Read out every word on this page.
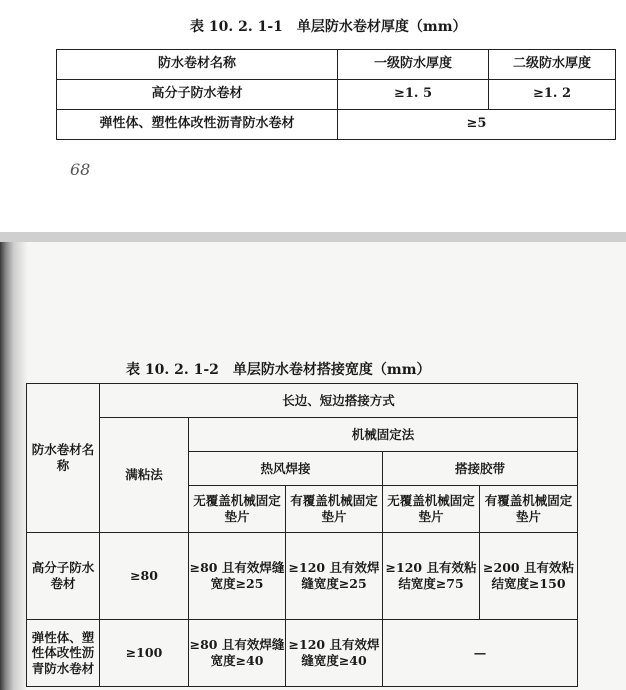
表 10. 2. 1-1　单层防水卷材厚度（mm）
防水卷材名称	一级防水厚度	二级防水厚度
高分子防水卷材	≥1. 5	≥1. 2
弹性体、塑性体改性沥青防水卷材	≥5	
68
表 10. 2. 1-2　单层防水卷材搭接宽度（mm）
防水卷材名称	长边、短边搭接方式				
	满粘法	机械固定法			
		热风焊接		搭接胶带	
		无覆盖机械固定垫片	有覆盖机械固定垫片	无覆盖机械固定垫片	有覆盖机械固定垫片
高分子防水卷材	≥80	≥80 且有效焊缝宽度≥25	≥120 且有效焊缝宽度≥25	≥120 且有效粘结宽度≥75	≥200 且有效粘结宽度≥150
弹性体、塑性体改性沥青防水卷材	≥100	≥80 且有效焊缝宽度≥40	≥120 且有效焊缝宽度≥40	—	
